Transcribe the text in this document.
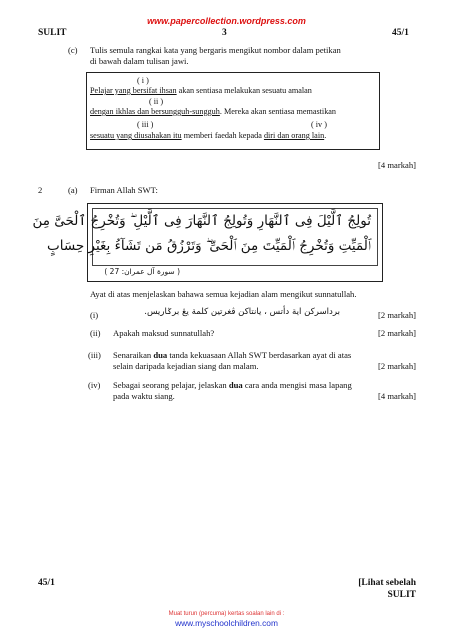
www.papercollection.wordpress.com
SULIT	3	45/1
(c) Tulis semula rangkai kata yang bergaris mengikut nombor dalam petikan
di bawah dalam tulisan jawi.
( i )
Pelajar yang bersifat ihsan akan sentiasa melakukan sesuatu amalan
( ii )
dengan ikhlas dan bersungguh-sungguh. Mereka akan sentiasa memastikan
( iii )	( iv )
sesuatu yang diusahakan itu memberi faedah kepada diri dan orang lain.
[4 markah]
2	(a) Firman Allah SWT:
تُولِجُ ٱلَّيْلَ فِى ٱلنَّهَارِ وَتُولِجُ ٱلنَّهَارَ فِى ٱلَّيْلِ ۖ وَتُخْرِجُ ٱلْحَىَّ مِنَ
ٱلْمَيِّتِ وَتُخْرِجُ ٱلْمَيِّتَ مِنَ ٱلْحَىِّ ۖ وَتَرْزُقُ مَن تَشَآءُ بِغَيْرِ حِسَابٍ
( سورة آل عمران: 27 )
Ayat di atas menjelaskan bahawa semua kejadian alam mengikut sunnatullah.
(i)	برداسركن اية دأتس ، يانتاكن ڤغرتين كلمة يڠ برݢاريس.	[2 markah]
(ii) Apakah maksud sunnatullah?	[2 markah]
(iii) Senaraikan dua tanda kekuasaan Allah SWT berdasarkan ayat di atas
selain daripada kejadian siang dan malam.	[2 markah]
(iv) Sebagai seorang pelajar, jelaskan dua cara anda mengisi masa lapang
pada waktu siang.	[4 markah]
45/1	[Lihat sebelah
SULIT
Muat turun (percuma) kertas soalan lain di :
www.myschoolchildren.com
